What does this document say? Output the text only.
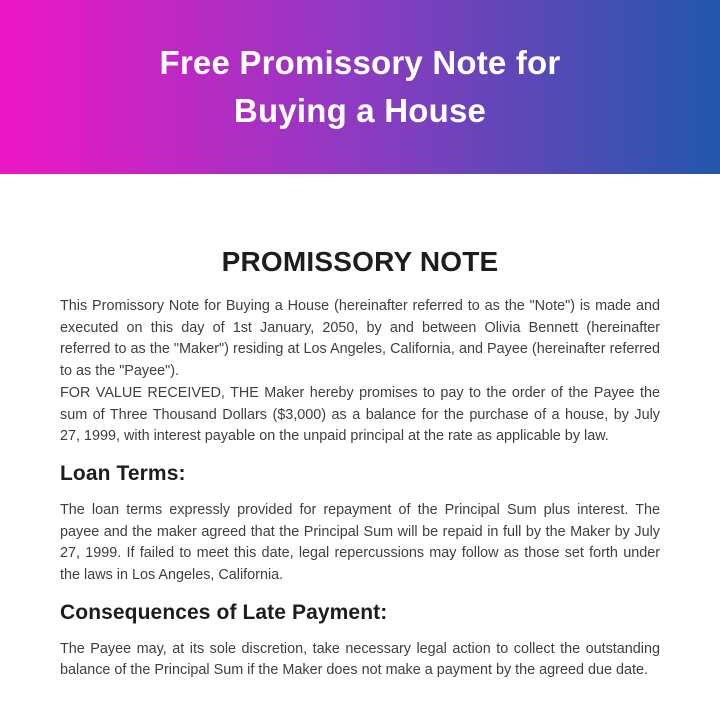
Free Promissory Note for
Buying a House
PROMISSORY NOTE

This Promissory Note for Buying a House (hereinafter referred to as the "Note") is made and executed on this day of 1st January, 2050, by and between Olivia Bennett (hereinafter referred to as the "Maker") residing at Los Angeles, California, and Payee (hereinafter referred to as the "Payee").

FOR VALUE RECEIVED, THE Maker hereby promises to pay to the order of the Payee the sum of Three Thousand Dollars ($3,000) as a balance for the purchase of a house, by July 27, 1999, with interest payable on the unpaid principal at the rate as applicable by law.

Loan Terms:

The loan terms expressly provided for repayment of the Principal Sum plus interest. The payee and the maker agreed that the Principal Sum will be repaid in full by the Maker by July 27, 1999. If failed to meet this date, legal repercussions may follow as those set forth under the laws in Los Angeles, California.

Consequences of Late Payment:

The Payee may, at its sole discretion, take necessary legal action to collect the outstanding balance of the Principal Sum if the Maker does not make a payment by the agreed due date.
